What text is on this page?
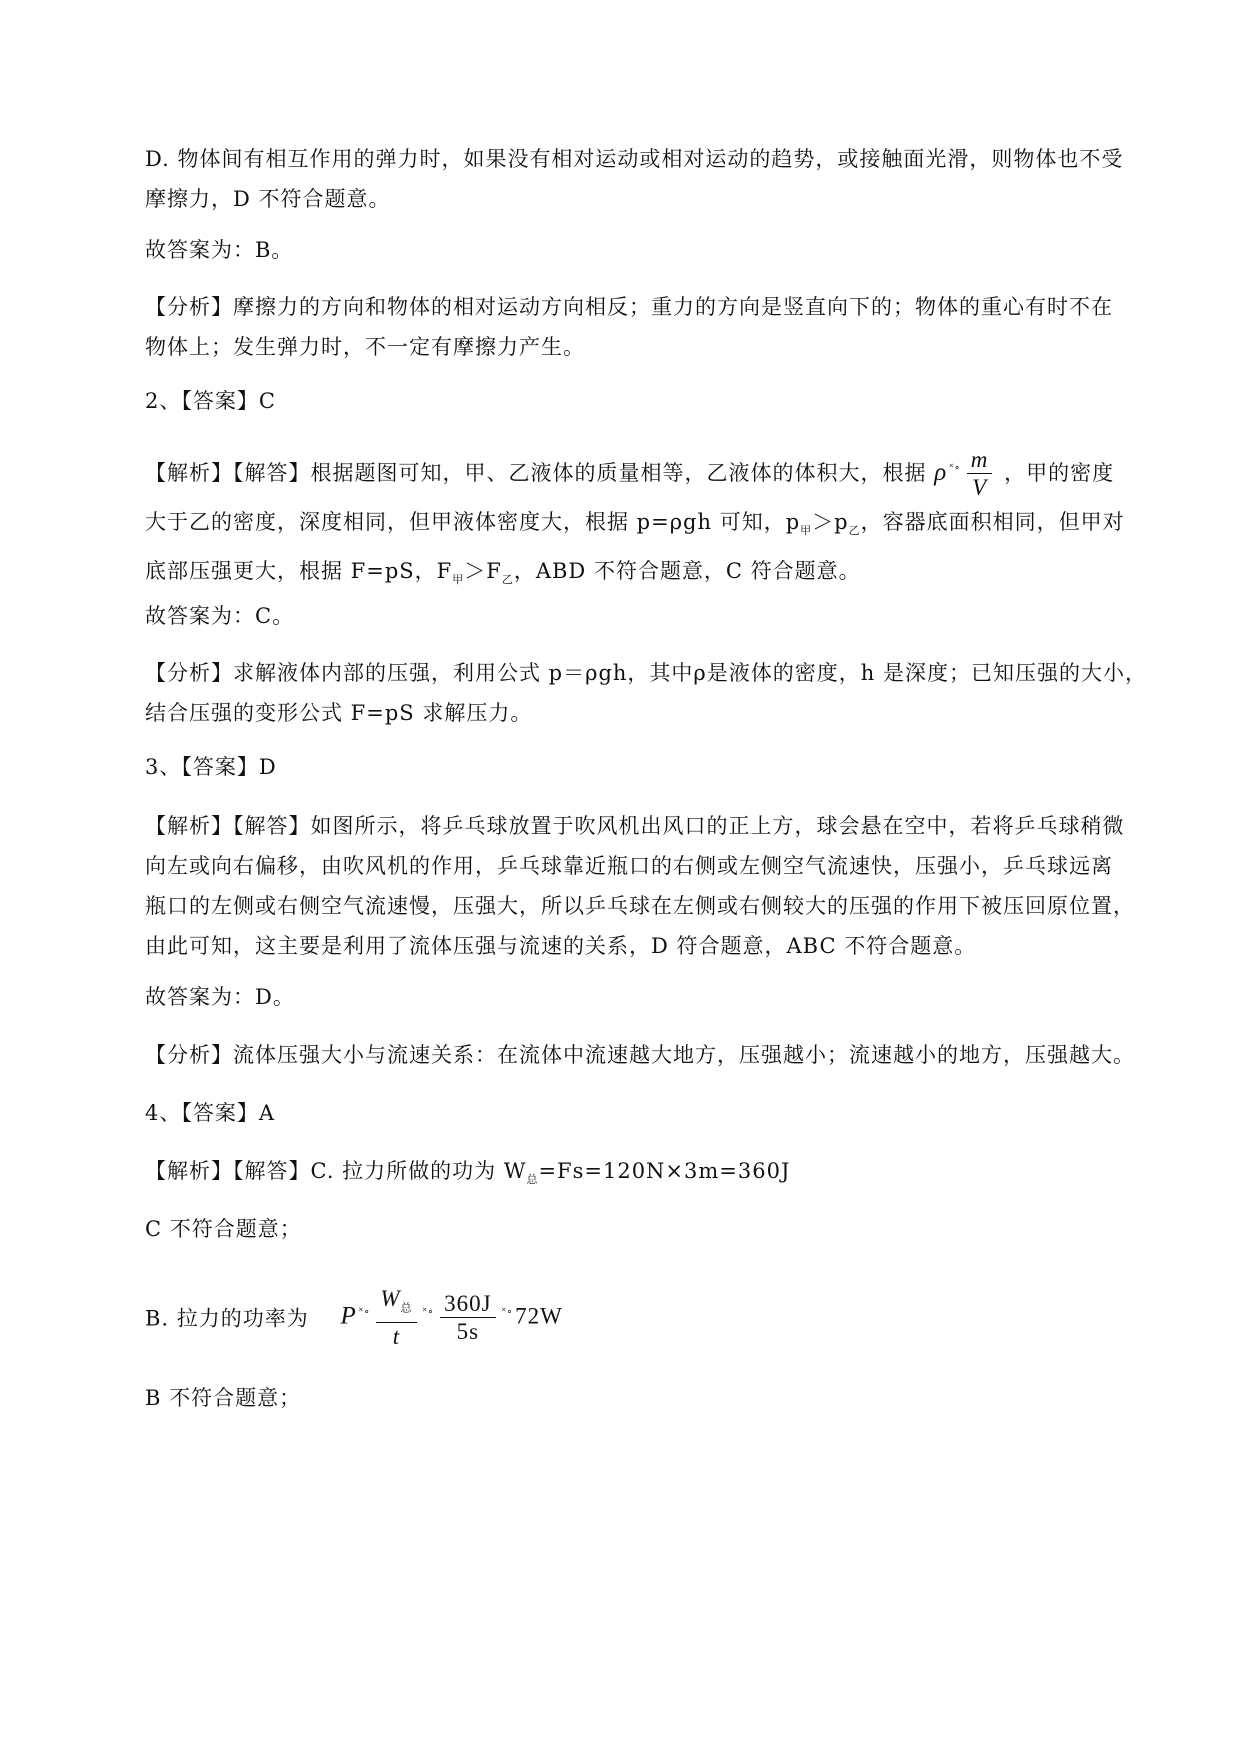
D. 物体间有相互作用的弹力时，如果没有相对运动或相对运动的趋势，或接触面光滑，则物体也不受
摩擦力，D 不符合题意。

故答案为：B。

【分析】摩擦力的方向和物体的相对运动方向相反；重力的方向是竖直向下的；物体的重心有时不在
物体上；发生弹力时，不一定有摩擦力产生。

2、【答案】C

【解析】【解答】根据题图可知，甲、乙液体的质量相等，乙液体的体积大，根据 ρ $^{˟\circ} \frac{m}{V}$ ，甲的密度
大于乙的密度，深度相同，但甲液体密度大，根据 p=ρgh 可知，$p_甲>p_乙$，容器底面积相同，但甲对
底部压强更大，根据 F=pS，$F_甲>F_乙$，ABD 不符合题意，C 符合题意。

故答案为：C。

【分析】求解液体内部的压强，利用公式 p＝ρgh，其中ρ是液体的密度，h 是深度；已知压强的大小，
结合压强的变形公式 F=pS 求解压力。

3、【答案】D

【解析】【解答】如图所示，将乒乓球放置于吹风机出风口的正上方，球会悬在空中，若将乒乓球稍微
向左或向右偏移，由吹风机的作用，乒乓球靠近瓶口的右侧或左侧空气流速快，压强小，乒乓球远离
瓶口的左侧或右侧空气流速慢，压强大，所以乒乓球在左侧或右侧较大的压强的作用下被压回原位置，
由此可知，这主要是利用了流体压强与流速的关系，D 符合题意，ABC 不符合题意。

故答案为：D。

【分析】流体压强大小与流速关系：在流体中流速越大地方，压强越小；流速越小的地方，压强越大。

4、【答案】A

【解析】【解答】C. 拉力所做的功为 $W_总=Fs=120N\times 3m=360J$

C 不符合题意；

B. 拉力的功率为 P $^{˟\circ} \frac{W_总}{t} ^{˟\circ} \frac{360J}{5s} ^{˟\circ}72W$

B 不符合题意；
